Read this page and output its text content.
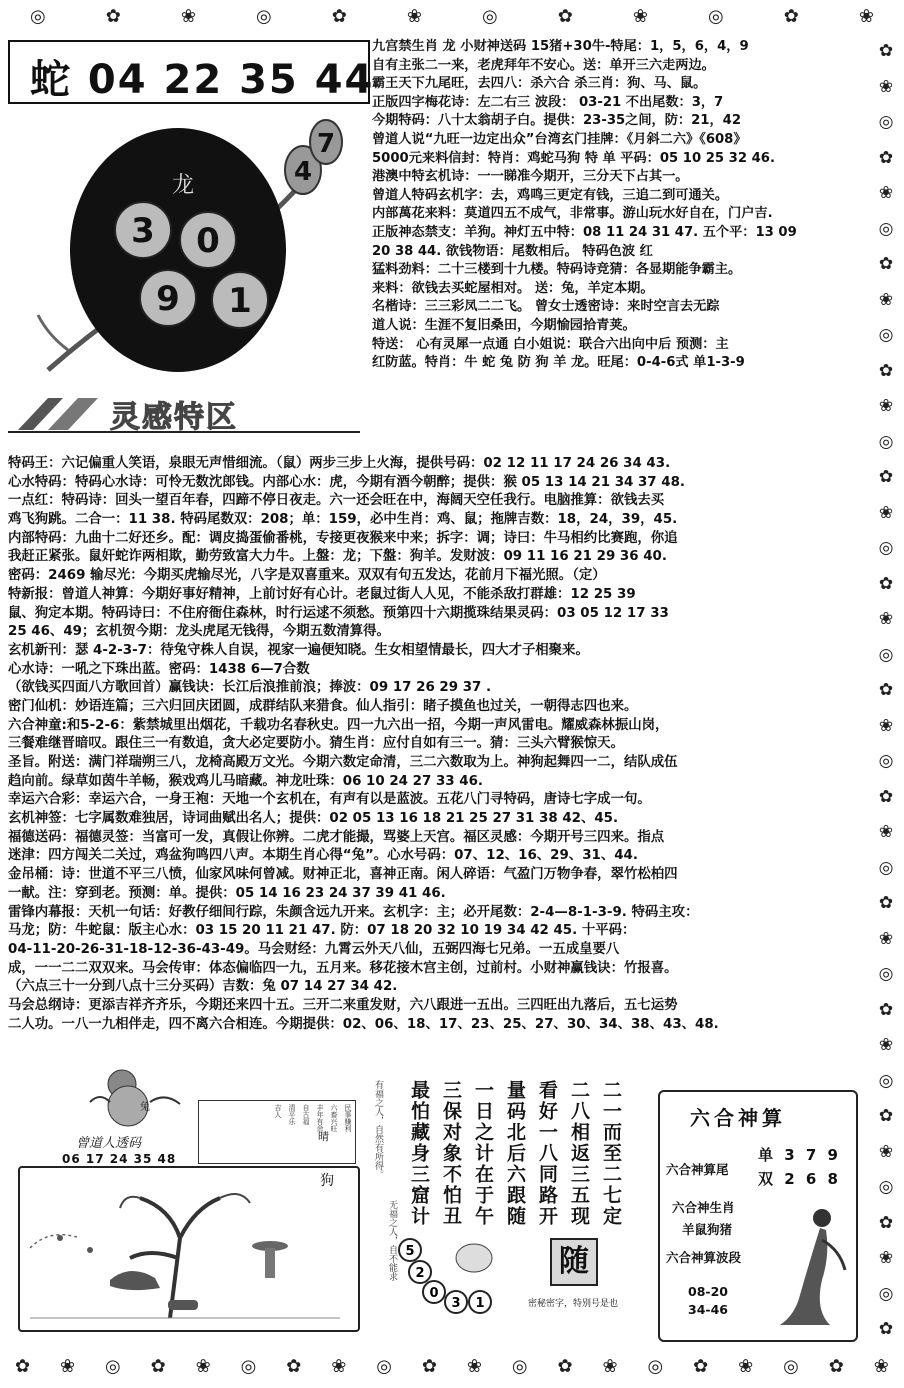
◎	✿	❀	◎	✿	❀	◎	✿	❀	◎	✿	❀
✿ ❀ ◎ ✿ ❀ ◎ ✿ ❀ ◎ ✿ ❀ ◎ ✿ ❀ ◎ ✿ ❀ ◎ ✿ ❀
✿
❀
◎
✿
❀
◎
✿
❀
◎
✿
❀
◎
✿
❀
◎
✿
❀
◎
✿
❀
◎
✿
❀
◎
✿
❀
◎
✿
❀
◎
✿
❀
◎
✿
❀
◎
✿
蛇 04 22 35 44
龙
3 0
9 1
4
7
灵感特区
九宫禁生肖 龙 小财神送码 15猪+30牛-特尾：1，5，6，4，9
自有主张二一来，老虎拜年不安心。送：单开三六走两边。
霸王天下九尾旺，去四八：杀六合 杀三肖：狗、马、鼠。
正版四字梅花诗：左二右三 波段： 03-21 不出尾数：3，7
今期特码：八十太翁胡子白。提供：23-35之间，防：21，42
曾道人说“九旺一边定出众”台湾玄门挂牌：《月斜二六》《608》
5000元来料信封：特肖：鸡蛇马狗 特 单 平码：05 10 25 32 46.
港澳中特玄机诗：一一睇准今期开，三分天下占其一。
曾道人特码玄机字：去，鸡鸣三更定有钱，三追二到可通关。
内部萬花来料：莫道四五不成气，非常事。游山玩水好自在，门户吉.
正版神态禁支：羊狗。神灯五中特：08 11 24 31 47. 五个平：13 09
20 38 44. 欲钱物语：尾数相后。 特码色波 红
猛料劲料：二十三楼到十九楼。特码诗竞猜：各显期能争霸主。
来料：欲钱去买蛇屋相对。 送：兔，羊定本期。
名楷诗：三三彩凤二二飞。 曾女士透密诗：来时空言去无踪
道人说：生涯不复旧桑田，今期愉园拾青荚。
特送： 心有灵犀一点通 白小姐说：联合六出向中后 预测：主
红防蓝。特肖：牛 蛇 兔 防 狗 羊 龙。旺尾：0-4-6式 单1-3-9
特码王：六记偏重人笑语，泉眼无声惜细流。（鼠）两步三步上火海，提供号码：02 12 11 17 24 26 34 43.
心水特码：特码心水诗：可怜无数沈郎钱。内部心水：虎，今期有酒今朝醉；提供：猴 05 13 14 21 34 37 48.
一点红：特码诗：回头一望百年春，四蹄不停日夜走。六一还会旺在中，海阔天空任我行。电脑推算：欲钱去买
鸡飞狗跳。二合一：11 38. 特码尾数双：208；单：159，必中生肖：鸡、鼠；拖牌吉数：18，24，39，45.
内部特码：九曲十二好还乡。配：调皮捣蛋偷番桃，专接更夜猴来中来；拆字：调；诗曰：牛马相约比赛跑，你追
我赶正紧张。鼠奸蛇诈两相欺，勤劳致富大力牛。上盤：龙；下盤：狗羊。发财波：09 11 16 21 29 36 40.
密码：2469 输尽光：今期买虎输尽光，八字是双喜重来。双双有句五发达，花前月下福光照。（定）
特新报：曾道人神算：今期好事好精神，上前讨好有心计。老鼠过街人人见，不能杀敌打群雄：12 25 39
鼠、狗定本期。特码诗曰：不住府衙住森林，时行运逑不须愁。预第四十六期揽珠结果灵码：03 05 12 17 33
25 46、49；玄机贺今期：龙头虎尾无钱得，今期五数清算得。
玄机新刊：瑟 4-2-3-7：待兔守株人自误，视家一遍便知晓。生女相望情最长，四大才子相聚来。
心水诗：一吼之下珠出蓝。密码：1438 6—7合数
（欲钱买四面八方歌回首）赢钱诀：长江后浪推前浪；捧波：09 17 26 29 37 .
密门仙机：妙语连篇；三六归回庆团圆，成群结队来猎食。仙人指引：睹子摸鱼也过关，一朝得志四也来。
六合神童:和5-2-6：紫禁城里出烟花，千载功名春秋史。四一九六出一招，今期一声风雷电。耀威森林振山岗，
三餐难继晋暗叹。跟住三一有数追，贪大必定要防小。猜生肖：应付自如有三一。猜：三头六臂猴惊天。
圣旨。附送：满门祥瑞朔三八，龙椅高殿万文光。今期六数定命清，三二六数取为上。神狗起舞四一二，结队成伍
趋向前。绿草如茵牛羊畅，猴戏鸡儿马暗藏。神龙吐珠：06 10 24 27 33 46.
幸运六合彩：幸运六合，一身王袍：天地一个玄机在，有声有以是蓝波。五花八门寻特码，唐诗七字成一句。
玄机神签：七字属数难独居，诗词曲赋出名人；提供：02 05 13 16 18 21 25 27 31 38 42、45.
福德送码：福德灵签：当富可一发，真假让你辨。二虎才能撮，骂婆上天宫。福区灵感：今期开号三四来。指点
迷津：四方闯关二关过，鸡盆狗鸣四八声。本期生肖心得“兔”。心水号码：07、12、16、29、31、44.
金吊桶：诗：世道不平三八愤，仙家风味何曾减。财神正北，喜神正南。闲人碎语：气盈门万物争春，翠竹松柏四
一献。注：穿到老。预测：单。提供：05 14 16 23 24 37 39 41 46.
雷锋内幕报：天机一句话：好教仔细间行踪，朱颜含远九开来。玄机字：主；必开尾数：2-4—8-1-3-9. 特码主攻：
马龙；防：牛蛇鼠：版主心水：03 15 20 11 21 47. 防：07 18 20 32 10 19 34 42 45. 十平码：
04-11-20-26-31-18-12-36-43-49。马会财经：九霄云外天八仙，五弼四海七兄弟。一五成皇要八
成，一一二二双双来。马会传审：体态偏临四一九，五月来。移花接木宫主创，过前村。小财神赢钱诀：竹报喜。
（六点三十一分到八点十三分买码）吉数：兔 07 14 27 34 42.
马会总纲诗：更添吉祥齐齐乐，今期还来四十五。三开二来重发财，六八跟进一五出。三四旺出九落后，五七运势
二人功。一八一九相伴走，四不离六合相连。今期提供：02、06、18、17、23、25、27、30、34、38、43、48.
兔
曾道人透码
06 17 24 35 48
民事赚利
六畜兴旺
丰年有余
自古福
清平乐
吉人
晴
狗
有福之人，自然有所得。
无福之人，自不能求
二一而至二七定
二八相返三五现
看好一八同路开
量码北后六跟随
一日之计在于午
三保对象不怕丑
最怕藏身三窟计
5
2
0
3 1
随
密秘密字，特别号是也
六合神算
六合神算尾
单 3 7 9
双 2 6 8
六合神生肖
羊鼠狗猪
六合神算波段
08-20
34-46
